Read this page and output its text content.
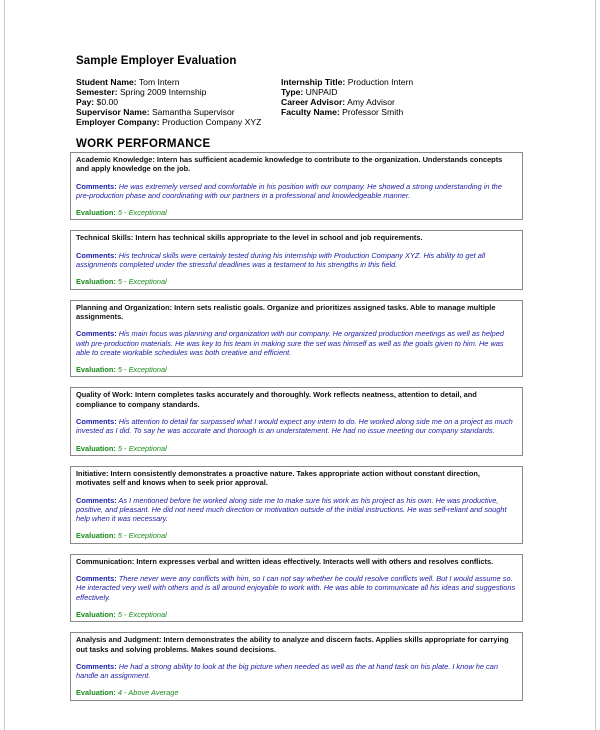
Sample Employer Evaluation
Student Name: Tom Intern
Semester: Spring 2009 Internship
Pay: $0.00
Supervisor Name: Samantha Supervisor
Employer Company: Production Company XYZ
Internship Title: Production Intern
Type: UNPAID
Career Advisor: Amy Advisor
Faculty Name: Professor Smith
WORK PERFORMANCE
Academic Knowledge: Intern has sufficient academic knowledge to contribute to the organization. Understands concepts and apply knowledge on the job.
Comments: He was extremely versed and comfortable in his position with our company. He showed a strong understanding in the pre-production phase and coordinating with our partners in a professional and knowledgeable manner.
Evaluation: 5 - Exceptional
Technical Skills: Intern has technical skills appropriate to the level in school and job requirements.
Comments: His technical skills were certainly tested during his internship with Production Company XYZ. His ability to get all assignments completed under the stressful deadlines was a testament to his strengths in this field.
Evaluation: 5 - Exceptional
Planning and Organization: Intern sets realistic goals. Organize and prioritizes assigned tasks. Able to manage multiple assignments.
Comments: His main focus was planning and organization with our company. He organized production meetings as well as helped with pre-production materials. He was key to his team in making sure the set was himself as well as the goals given to him. He was able to create workable schedules was both creative and efficient.
Evaluation: 5 - Exceptional
Quality of Work: Intern completes tasks accurately and thoroughly. Work reflects neatness, attention to detail, and compliance to company standards.
Comments: His attention to detail far surpassed what I would expect any intern to do. He worked along side me on a project as much invested as I did. To say he was accurate and thorough is an understatement. He had no issue meeting our company standards.
Evaluation: 5 - Exceptional
Initiative: Intern consistently demonstrates a proactive nature. Takes appropriate action without constant direction, motivates self and knows when to seek prior approval.
Comments: As I mentioned before he worked along side me to make sure his work as his project as his own. He was productive, positive, and pleasant. He did not need much direction or motivation outside of the initial instructions. He was self-reliant and sought help when it was necessary.
Evaluation: 5 - Exceptional
Communication: Intern expresses verbal and written ideas effectively. Interacts well with others and resolves conflicts.
Comments: There never were any conflicts with him, so I can not say whether he could resolve conflicts well. But I would assume so. He interacted very well with others and is all around enjoyable to work with. He was able to communicate all his ideas and suggestions effectively.
Evaluation: 5 - Exceptional
Analysis and Judgment: Intern demonstrates the ability to analyze and discern facts. Applies skills appropriate for carrying out tasks and solving problems. Makes sound decisions.
Comments: He had a strong ability to look at the big picture when needed as well as the at hand task on his plate. I know he can handle an assignment.
Evaluation: 4 - Above Average
